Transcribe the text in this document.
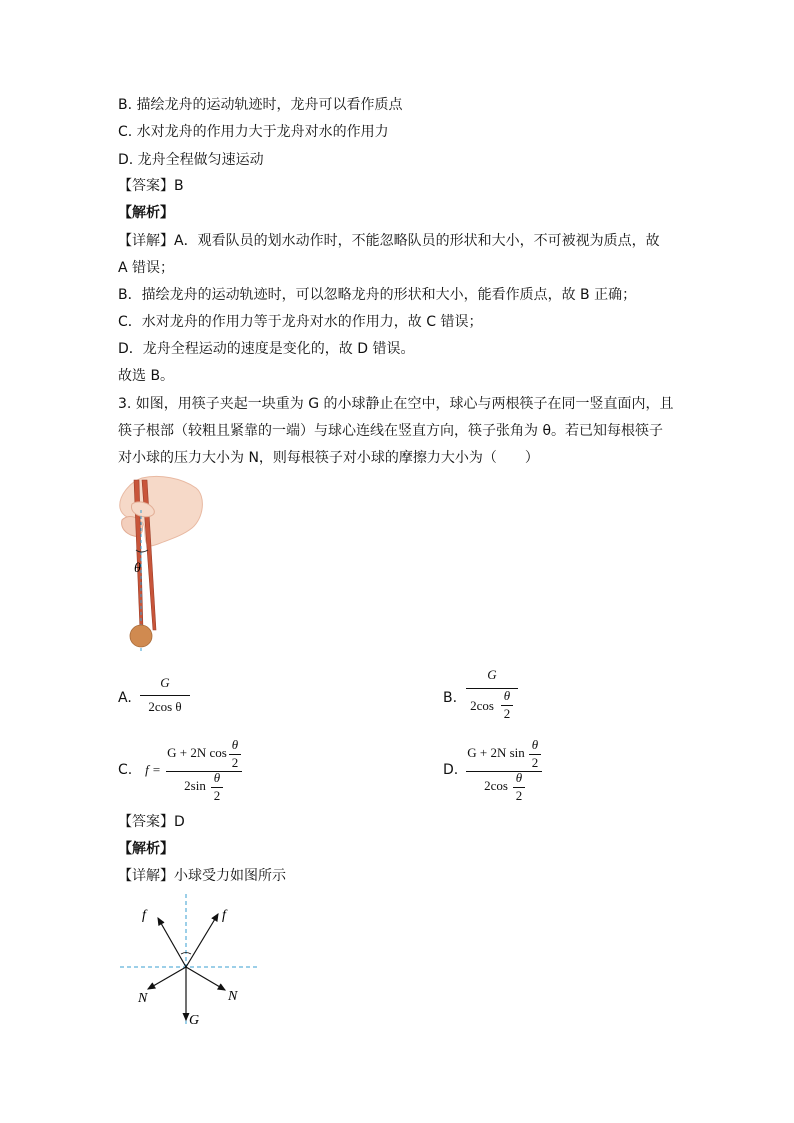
B. 描绘龙舟的运动轨迹时，龙舟可以看作质点
C. 水对龙舟的作用力大于龙舟对水的作用力
D. 龙舟全程做匀速运动
【答案】B
【解析】
【详解】A．观看队员的划水动作时，不能忽略队员的形状和大小，不可被视为质点，故
A 错误；
B．描绘龙舟的运动轨迹时，可以忽略龙舟的形状和大小，能看作质点，故 B 正确；
C．水对龙舟的作用力等于龙舟对水的作用力，故 C 错误；
D．龙舟全程运动的速度是变化的，故 D 错误。
故选 B。
3. 如图，用筷子夹起一块重为 G 的小球静止在空中，球心与两根筷子在同一竖直面内，且
筷子根部（较粗且紧靠的一端）与球心连线在竖直方向，筷子张角为 θ。若已知每根筷子
对小球的压力大小为 N，则每根筷子对小球的摩擦力大小为（　　）
θ
A.
G
2cos θ
B.
G
2cos
θ
2
C. f =
G + 2N cos
θ
2
2sin
θ
2
D.
G + 2N sin
θ
2
2cos
θ
2
【答案】D
【解析】
【详解】小球受力如图所示
f	f
N	N
G
